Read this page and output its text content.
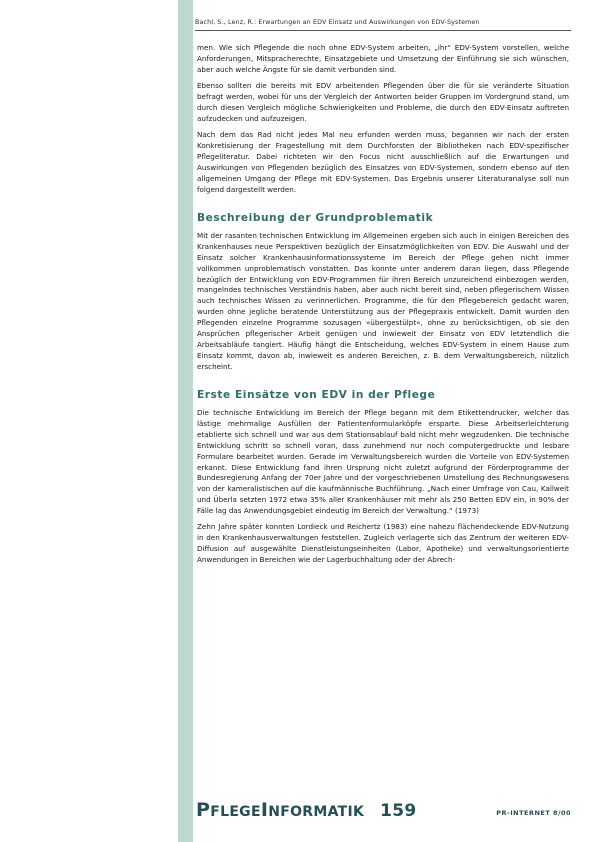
Bachl, S., Lenz, R.: Erwartungen an EDV Einsatz und Auswirkungen von EDV-Systemen

men. Wie sich Pflegende die noch ohne EDV-System arbeiten, „ihr“ EDV-System vorstellen, welche Anforderungen, Mitspracherechte, Einsatzgebiete und Umsetzung der Einführung sie sich wünschen, aber auch welche Ängste für sie damit verbunden sind.

Ebenso sollten die bereits mit EDV arbeitenden Pflegenden über die für sie veränderte Situation befragt werden, wobei für uns der Vergleich der Antworten beider Gruppen im Vordergrund stand, um durch diesen Vergleich mögliche Schwierigkeiten und Probleme, die durch den EDV-Einsatz auftreten aufzudecken und aufzuzeigen.

Nach dem das Rad nicht jedes Mal neu erfunden werden muss, begannen wir nach der ersten Konkretisierung der Fragestellung mit dem Durchforsten der Bibliotheken nach EDV-spezifischer Pflegeliteratur. Dabei richteten wir den Focus nicht ausschließlich auf die Erwartungen und Auswirkungen von Pflegenden bezüglich des Einsatzes von EDV-Systemen, sondern ebenso auf den allgemeinen Umgang der Pflege mit EDV-Systemen. Das Ergebnis unserer Literaturanalyse soll nun folgend dargestellt werden.

Beschreibung der Grundproblematik

Mit der rasanten technischen Entwicklung im Allgemeinen ergeben sich auch in einigen Bereichen des Krankenhauses neue Perspektiven bezüglich der Einsatzmöglichkeiten von EDV. Die Auswahl und der Einsatz solcher Krankenhausinformationssysteme im Bereich der Pflege gehen nicht immer vollkommen unproblematisch vonstatten. Das konnte unter anderem daran liegen, dass Pflegende bezüglich der Entwicklung von EDV-Programmen für ihren Bereich unzureichend einbezogen werden, mangelndes technisches Verständnis haben, aber auch nicht bereit sind, neben pflegerischem Wissen auch technisches Wissen zu verinnerlichen. Programme, die für den Pflegebereich gedacht waren, wurden ohne jegliche beratende Unterstützung aus der Pflegepraxis entwickelt. Damit wurden den Pflegenden einzelne Programme sozusagen »übergestülpt«, ohne zu berücksichtigen, ob sie den Ansprüchen pflegerischer Arbeit genügen und inwieweit der Einsatz von EDV letztendlich die Arbeitsabläufe tangiert. Häufig hängt die Entscheidung, welches EDV-System in einem Hause zum Einsatz kommt, davon ab, inwieweit es anderen Bereichen, z. B. dem Verwaltungsbereich, nützlich erscheint.

Erste Einsätze von EDV in der Pflege

Die technische Entwicklung im Bereich der Pflege begann mit dem Etikettendrucker, welcher das lästige mehrmalige Ausfüllen der Patientenformularköpfe ersparte. Diese Arbeitserleichterung etablierte sich schnell und war aus dem Stationsablauf bald nicht mehr wegzudenken. Die technische Entwicklung schritt so schnell voran, dass zunehmend nur noch computergedruckte und lesbare Formulare bearbeitet wurden. Gerade im Verwaltungsbereich wurden die Vorteile von EDV-Systemen erkannt. Diese Entwicklung fand ihren Ursprung nicht zuletzt aufgrund der Förderprogramme der Bundesregierung Anfang der 70er Jahre und der vorgeschriebenen Umstellung des Rechnungswesens von der kameralistischen auf die kaufmännische Buchführung. „Nach einer Umfrage von Cau, Kallweit und Überla setzten 1972 etwa 35% aller Krankenhäuser mit mehr als 250 Betten EDV ein, in 90% der Fälle lag das Anwendungsgebiet eindeutig im Bereich der Verwaltung.“ (1973)

Zehn Jahre später konnten Lordieck und Reichertz (1983) eine nahezu flächendeckende EDV-Nutzung in den Krankenhausverwaltungen feststellen. Zugleich verlagerte sich das Zentrum der weiteren EDV-Diffusion auf ausgewählte Dienstleistungseinheiten (Labor, Apotheke) und verwaltungsorientierte Anwendungen in Bereichen wie der Lagerbuchhaltung oder der Abrech-

PFLEGEINFORMATIK 159	PR-INTERNET 8/00
